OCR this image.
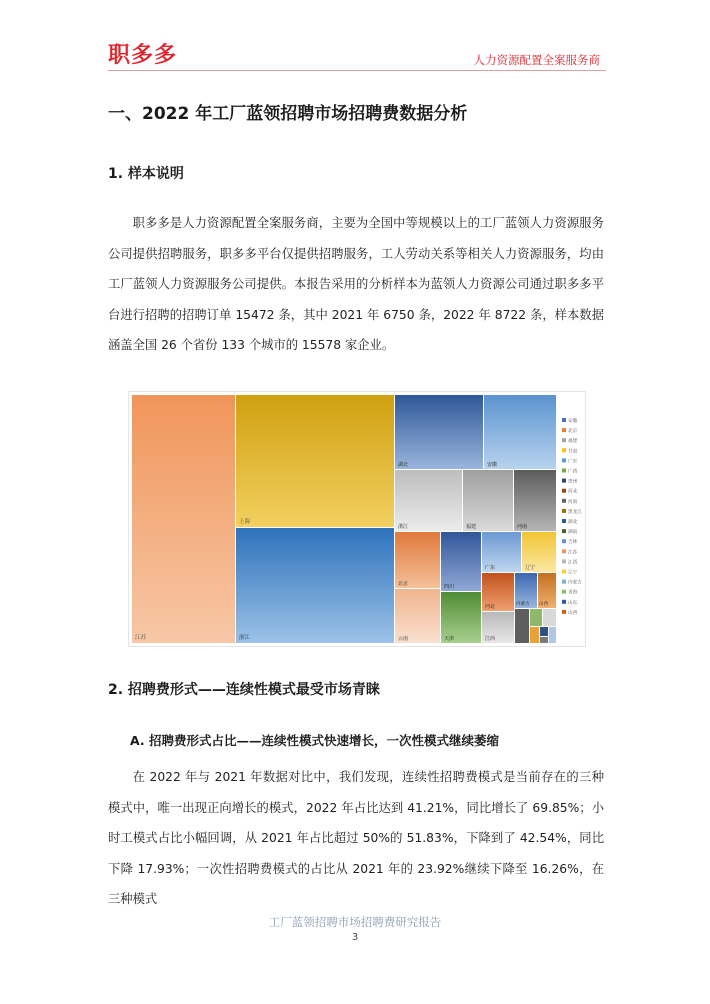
职多多	人力资源配置全案服务商
一、2022 年工厂蓝领招聘市场招聘费数据分析
1. 样本说明

职多多是人力资源配置全案服务商，主要为全国中等规模以上的工厂蓝领人力资源服务公司提供招聘服务，职多多平台仅提供招聘服务，工人劳动关系等相关人力资源服务，均由工厂蓝领人力资源服务公司提供。本报告采用的分析样本为蓝领人力资源公司通过职多多平台进行招聘的招聘订单 15472 条，其中 2021 年 6750 条，2022 年 8722 条，样本数据涵盖全国 26 个省份 133 个城市的 15578 家企业。

江苏
上海
浙江
湖北	安徽
浙江	福建	河南
北京	四川
广东	辽宁
云南	天津
河北
江西
内蒙古 山西
安徽
北京
福建
甘肃
广东
广西
贵州
河北
河南
黑龙江
湖北
湖南
吉林
江苏
江西
辽宁
内蒙古
青海
山东
山西
2. 招聘费形式——连续性模式最受市场青睐
A. 招聘费形式占比——连续性模式快速增长，一次性模式继续萎缩

在 2022 年与 2021 年数据对比中，我们发现，连续性招聘费模式是当前存在的三种模式中，唯一出现正向增长的模式，2022 年占比达到 41.21%，同比增长了 69.85%；小时工模式占比小幅回调，从 2021 年占比超过 50%的 51.83%，下降到了 42.54%，同比下降 17.93%；一次性招聘费模式的占比从 2021 年的 23.92%继续下降至 16.26%，在三种模式

工厂蓝领招聘市场招聘费研究报告
3
